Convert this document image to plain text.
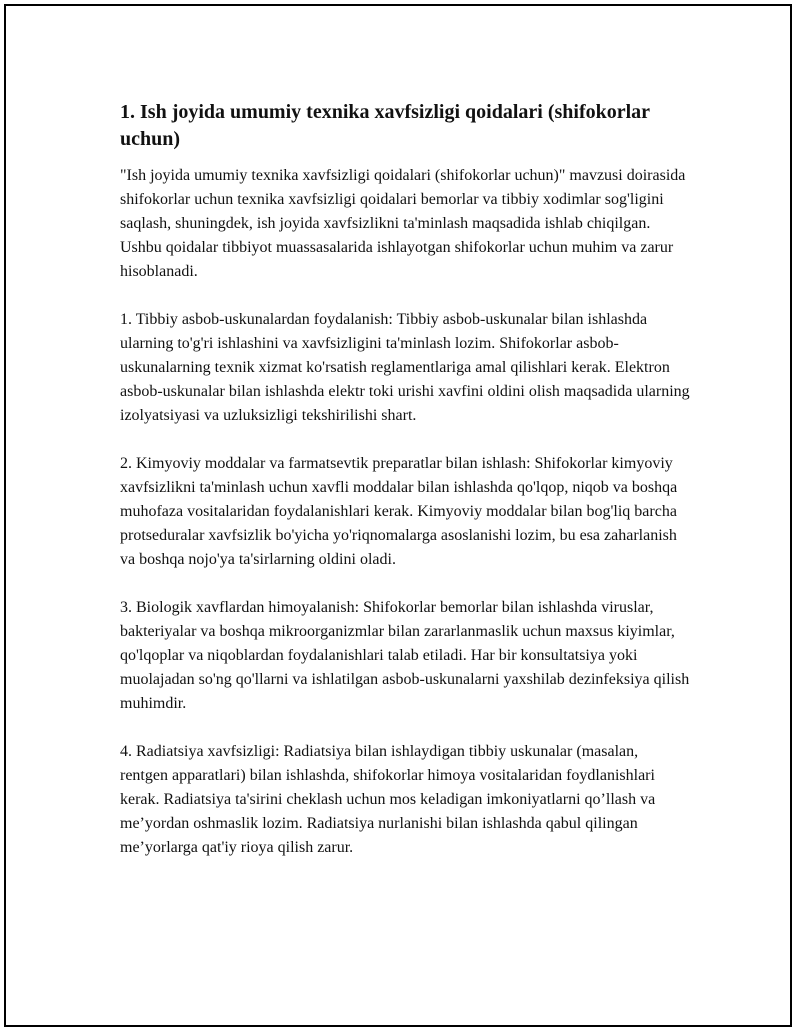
1. Ish joyida umumiy texnika xavfsizligi qoidalari (shifokorlar uchun)

"Ish joyida umumiy texnika xavfsizligi qoidalari (shifokorlar uchun)" mavzusi doirasida shifokorlar uchun texnika xavfsizligi qoidalari bemorlar va tibbiy xodimlar sog'ligini saqlash, shuningdek, ish joyida xavfsizlikni ta'minlash maqsadida ishlab chiqilgan. Ushbu qoidalar tibbiyot muassasalarida ishlayotgan shifokorlar uchun muhim va zarur hisoblanadi.

1. Tibbiy asbob-uskunalardan foydalanish: Tibbiy asbob-uskunalar bilan ishlashda ularning to'g'ri ishlashini va xavfsizligini ta'minlash lozim. Shifokorlar asbob-uskunalarning texnik xizmat ko'rsatish reglamentlariga amal qilishlari kerak. Elektron asbob-uskunalar bilan ishlashda elektr toki urishi xavfini oldini olish maqsadida ularning izolyatsiyasi va uzluksizligi tekshirilishi shart.

2. Kimyoviy moddalar va farmatsevtik preparatlar bilan ishlash: Shifokorlar kimyoviy xavfsizlikni ta'minlash uchun xavfli moddalar bilan ishlashda qo'lqop, niqob va boshqa muhofaza vositalaridan foydalanishlari kerak. Kimyoviy moddalar bilan bog'liq barcha protseduralar xavfsizlik bo'yicha yo'riqnomalarga asoslanishi lozim, bu esa zaharlanish va boshqa nojo'ya ta'sirlarning oldini oladi.

3. Biologik xavflardan himoyalanish: Shifokorlar bemorlar bilan ishlashda viruslar, bakteriyalar va boshqa mikroorganizmlar bilan zararlanmaslik uchun maxsus kiyimlar, qo'lqoplar va niqoblardan foydalanishlari talab etiladi. Har bir konsultatsiya yoki muolajadan so'ng qo'llarni va ishlatilgan asbob-uskunalarni yaxshilab dezinfeksiya qilish muhimdir.

4. Radiatsiya xavfsizligi: Radiatsiya bilan ishlaydigan tibbiy uskunalar (masalan, rentgen apparatlari) bilan ishlashda, shifokorlar himoya vositalaridan foydlanishlari kerak. Radiatsiya ta'sirini cheklash uchun mos keladigan imkoniyatlarni qo’llash va me’yordan oshmaslik lozim. Radiatsiya nurlanishi bilan ishlashda qabul qilingan me’yorlarga qat'iy rioya qilish zarur.
